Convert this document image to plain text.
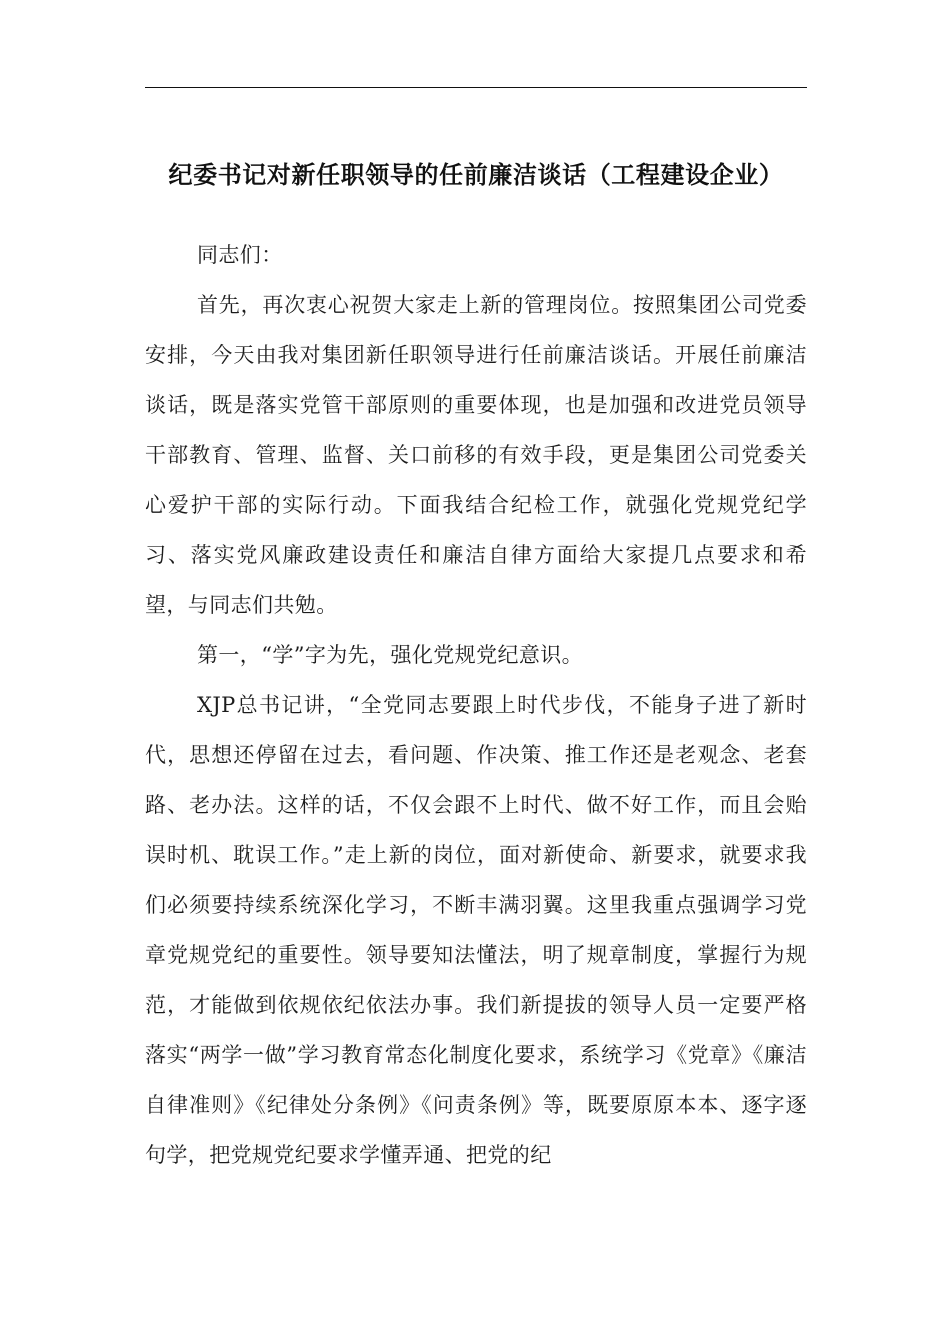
纪委书记对新任职领导的任前廉洁谈话（工程建设企业）

同志们：

首先，再次衷心祝贺大家走上新的管理岗位。按照集团公司党委安排，今天由我对集团新任职领导进行任前廉洁谈话。开展任前廉洁谈话，既是落实党管干部原则的重要体现，也是加强和改进党员领导干部教育、管理、监督、关口前移的有效手段，更是集团公司党委关心爱护干部的实际行动。下面我结合纪检工作，就强化党规党纪学习、落实党风廉政建设责任和廉洁自律方面给大家提几点要求和希望，与同志们共勉。

第一，“学”字为先，强化党规党纪意识。

XJP总书记讲，“全党同志要跟上时代步伐，不能身子进了新时代，思想还停留在过去，看问题、作决策、推工作还是老观念、老套路、老办法。这样的话，不仅会跟不上时代、做不好工作，而且会贻误时机、耽误工作。”走上新的岗位，面对新使命、新要求，就要求我们必须要持续系统深化学习，不断丰满羽翼。这里我重点强调学习党章党规党纪的重要性。领导要知法懂法，明了规章制度，掌握行为规范，才能做到依规依纪依法办事。我们新提拔的领导人员一定要严格落实“两学一做”学习教育常态化制度化要求，系统学习《党章》《廉洁自律准则》《纪律处分条例》《问责条例》等，既要原原本本、逐字逐句学，把党规党纪要求学懂弄通、把党的纪
